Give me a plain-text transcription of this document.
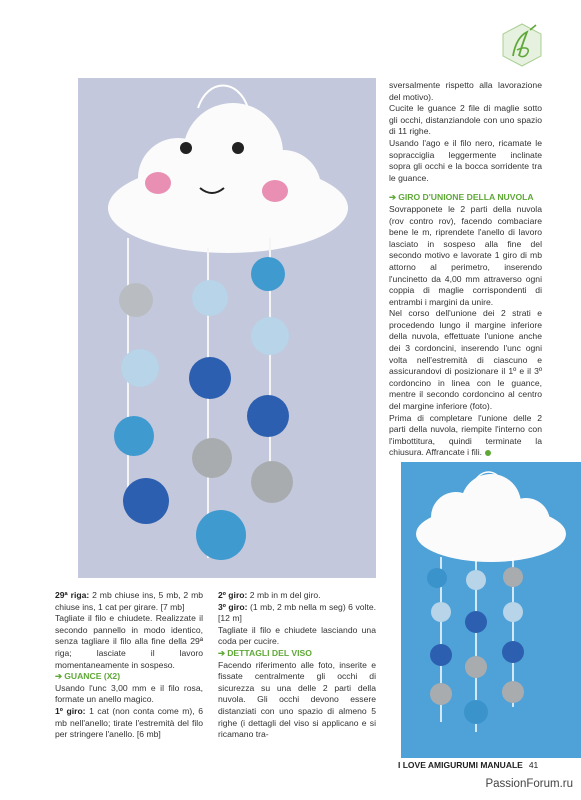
29ª riga: 2 mb chiuse ins, 5 mb, 2 mb chiuse ins, 1 cat per girare. [7 mb]

Tagliate il filo e chiudete. Realizzate il secondo pannello in modo identico, senza tagliare il filo alla fine della 29ª riga; lasciate il lavoro momentaneamente in sospeso.

➔ GUANCE (X2)

Usando l'unc 3,00 mm e il filo rosa, formate un anello magico.

1º giro: 1 cat (non conta come m), 6 mb nell'anello; tirate l'estremità del filo per stringere l'anello. [6 mb]

2º giro: 2 mb in m del giro.

3º giro: (1 mb, 2 mb nella m seg) 6 volte. [12 m]

Tagliate il filo e chiudete lasciando una coda per cucire.

➔ DETTAGLI DEL VISO

Facendo riferimento alle foto, inserite e fissate centralmente gli occhi di sicurezza su una delle 2 parti della nuvola. Gli occhi devono essere distanziati con uno spazio di almeno 5 righe (i dettagli del viso si applicano e si ricamano tra-

sversalmente rispetto alla lavorazione del motivo).

Cucite le guance 2 file di maglie sotto gli occhi, distanziandole con uno spazio di 11 righe.

Usando l'ago e il filo nero, ricamate le sopracciglia leggermente inclinate sopra gli occhi e la bocca sorridente tra le guance.

➔ GIRO D'UNIONE DELLA NUVOLA

Sovrapponete le 2 parti della nuvola (rov contro rov), facendo combaciare bene le m, riprendete l'anello di lavoro lasciato in sospeso alla fine del secondo motivo e lavorate 1 giro di mb attorno al perimetro, inserendo l'uncinetto da 4,00 mm attraverso ogni coppia di maglie corrispondenti di entrambi i margini da unire.

Nel corso dell'unione dei 2 strati e procedendo lungo il margine inferiore della nuvola, effettuate l'unione anche dei 3 cordoncini, inserendo l'unc ogni volta nell'estremità di ciascuno e assicurandovi di posizionare il 1º e il 3º cordoncino in linea con le guance, mentre il secondo cordoncino al centro del margine inferiore (foto).

Prima di completare l'unione delle 2 parti della nuvola, riempite l'interno con l'imbottitura, quindi terminate la chiusura. Affrancate i fili.

I LOVE AMIGURUMI MANUALE 41
PassionForum.ru
